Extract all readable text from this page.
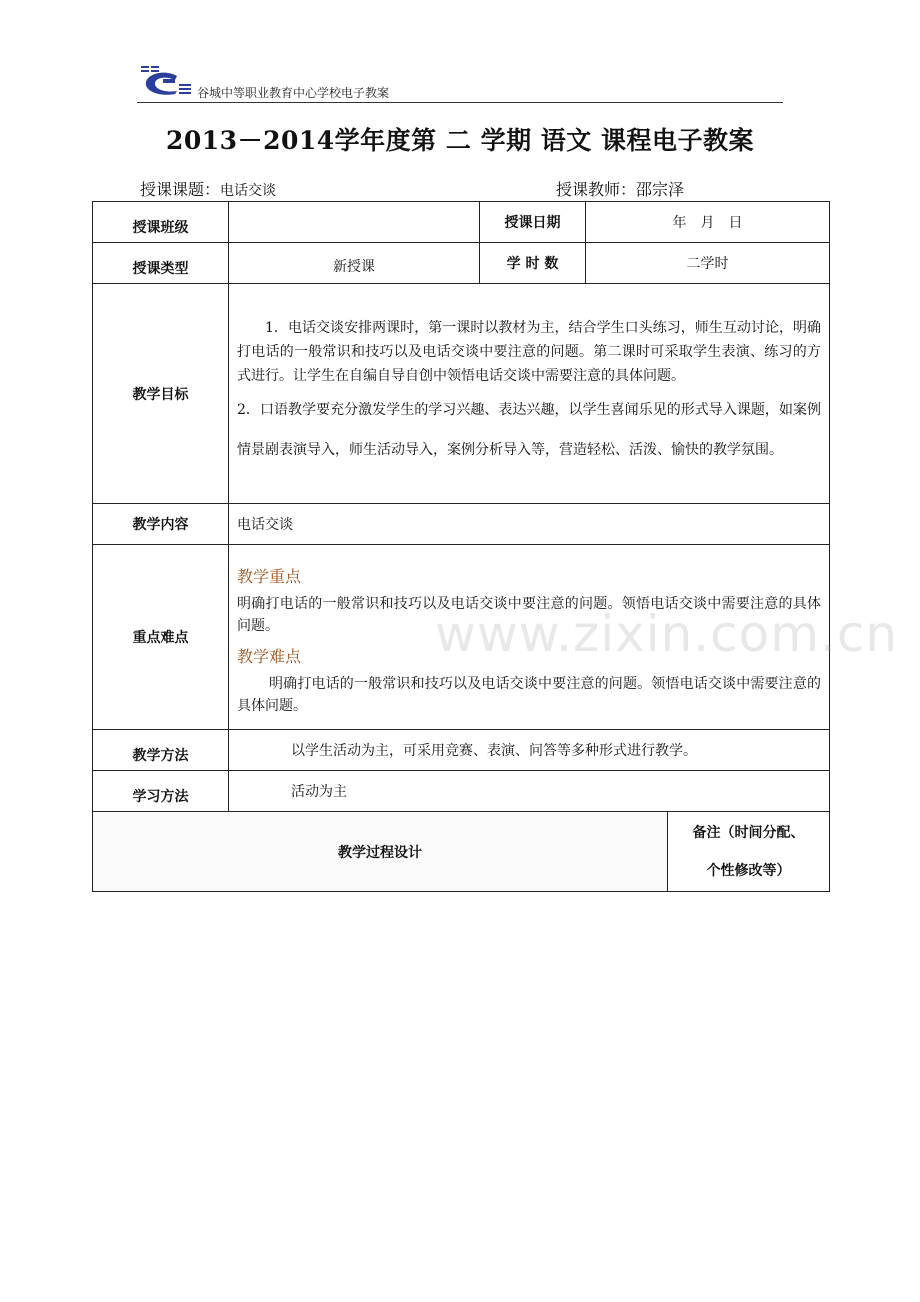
谷城中等职业教育中心学校电子教案
2013－2014学年度第 二 学期 语文 课程电子教案
授课课题：电话交谈	授课教师：邵宗泽
授课班级		授课日期	年　月　日	
授课类型	新授课	学 时 数	二学时	
教学目标	1．电话交谈安排两课时，第一课时以教材为主，结合学生口头练习，师生互动讨论，明确打电话的一般常识和技巧以及电话交谈中要注意的问题。第二课时可采取学生表演、练习的方式进行。让学生在自编自导自创中领悟电话交谈中需要注意的具体问题。

2．口语教学要充分激发学生的学习兴趣、表达兴趣，以学生喜闻乐见的形式导入课题，如案例情景剧表演导入，师生活动导入，案例分析导入等，营造轻松、活泼、愉快的教学氛围。			

教学内容	电话交谈			
重点难点	教学重点

明确打电话的一般常识和技巧以及电话交谈中要注意的问题。领悟电话交谈中需要注意的具体问题。

教学难点

明确打电话的一般常识和技巧以及电话交谈中要注意的问题。领悟电话交谈中需要注意的具体问题。			

教学方法	以学生活动为主，可采用竞赛、表演、问答等多种形式进行教学。			
学习方法	活动为主			
教学过程设计				备注（时间分配、
个性修改等）
www.zixin.com.cn
